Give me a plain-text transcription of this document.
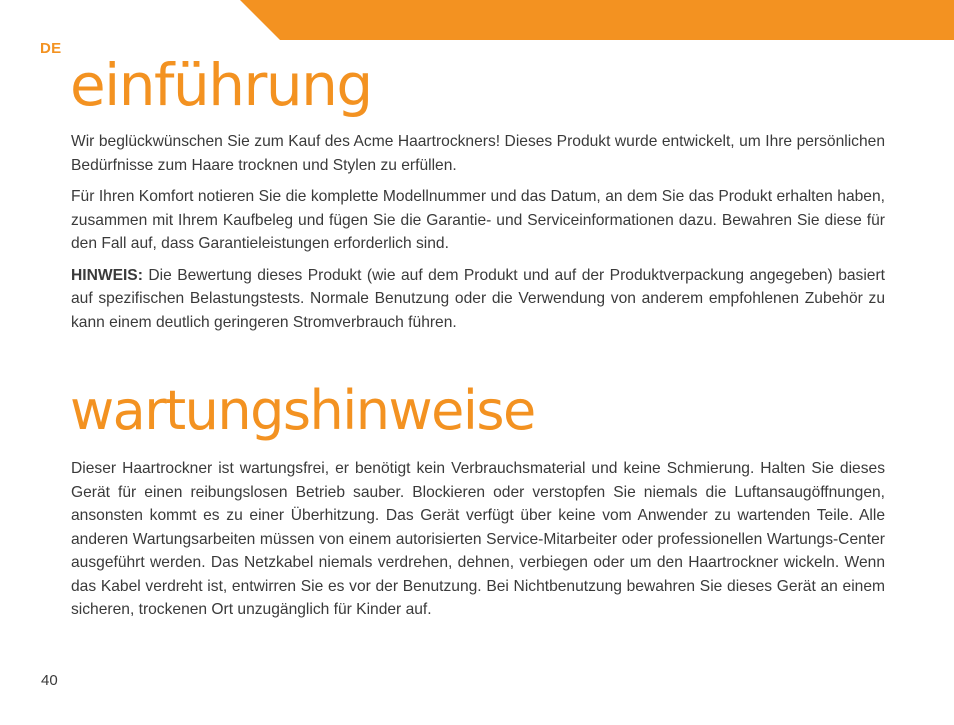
DE
einführung

Wir beglückwünschen Sie zum Kauf des Acme Haartrockners! Dieses Produkt wurde entwickelt, um Ihre persönlichen Bedürfnisse zum Haare trocknen und Stylen zu erfüllen.

Für Ihren Komfort notieren Sie die komplette Modellnummer und das Datum, an dem Sie das Produkt erhalten haben, zusammen mit Ihrem Kaufbeleg und fügen Sie die Garantie- und Serviceinformationen dazu. Bewahren Sie diese für den Fall auf, dass Garantieleistungen erforderlich sind.

HINWEIS: Die Bewertung dieses Produkt (wie auf dem Produkt und auf der Produktverpackung angegeben) basiert auf spezifischen Belastungstests. Normale Benutzung oder die Verwendung von anderem empfohlenen Zubehör zu kann einem deutlich geringeren Stromverbrauch führen.

wartungshinweise

Dieser Haartrockner ist wartungsfrei, er benötigt kein Verbrauchsmaterial und keine Schmierung. Halten Sie dieses Gerät für einen reibungslosen Betrieb sauber. Blockieren oder verstopfen Sie niemals die Luftansaugöffnungen, ansonsten kommt es zu einer Überhitzung. Das Gerät verfügt über keine vom Anwender zu wartenden Teile. Alle anderen Wartungsarbeiten müssen von einem autorisierten Service-Mitarbeiter oder professionellen Wartungs-Center ausgeführt werden. Das Netzkabel niemals verdrehen, dehnen, verbiegen oder um den Haartrockner wickeln. Wenn das Kabel verdreht ist, entwirren Sie es vor der Benutzung. Bei Nichtbenutzung bewahren Sie dieses Gerät an einem sicheren, trockenen Ort unzugänglich für Kinder auf.

40
